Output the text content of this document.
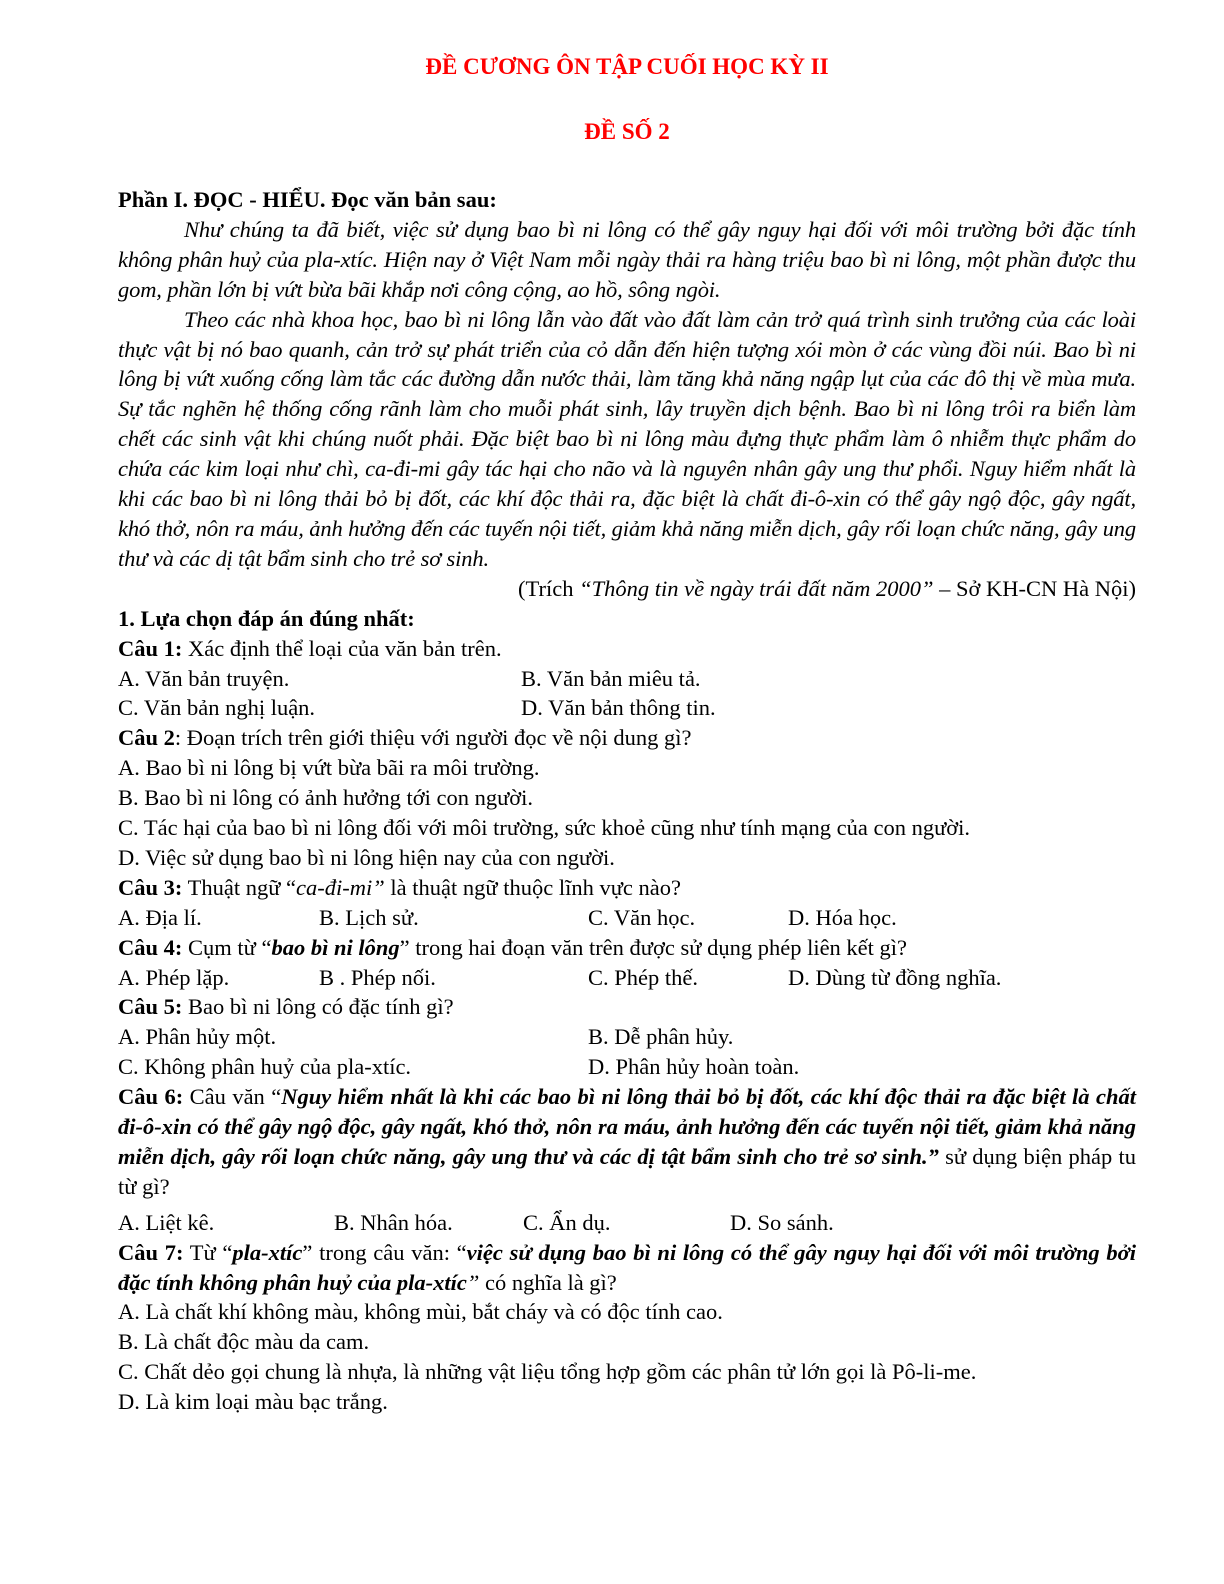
ĐỀ CƯƠNG ÔN TẬP CUỐI HỌC KỲ II

ĐỀ SỐ 2

Phần I. ĐỌC - HIỂU. Đọc văn bản sau:

Như chúng ta đã biết, việc sử dụng bao bì ni lông có thể gây nguy hại đối với môi trường bởi đặc tính không phân huỷ của pla-xtíc. Hiện nay ở Việt Nam mỗi ngày thải ra hàng triệu bao bì ni lông, một phần được thu gom, phần lớn bị vứt bừa bãi khắp nơi công cộng, ao hồ, sông ngòi.

Theo các nhà khoa học, bao bì ni lông lẫn vào đất vào đất làm cản trở quá trình sinh trưởng của các loài thực vật bị nó bao quanh, cản trở sự phát triển của cỏ dẫn đến hiện tượng xói mòn ở các vùng đồi núi. Bao bì ni lông bị vứt xuống cống làm tắc các đường dẫn nước thải, làm tăng khả năng ngập lụt của các đô thị về mùa mưa. Sự tắc nghẽn hệ thống cống rãnh làm cho muỗi phát sinh, lây truyền dịch bệnh. Bao bì ni lông trôi ra biển làm chết các sinh vật khi chúng nuốt phải. Đặc biệt bao bì ni lông màu đựng thực phẩm làm ô nhiễm thực phẩm do chứa các kim loại như chì, ca-đi-mi gây tác hại cho não và là nguyên nhân gây ung thư phổi. Nguy hiểm nhất là khi các bao bì ni lông thải bỏ bị đốt, các khí độc thải ra, đặc biệt là chất đi-ô-xin có thể gây ngộ độc, gây ngất, khó thở, nôn ra máu, ảnh hưởng đến các tuyến nội tiết, giảm khả năng miễn dịch, gây rối loạn chức năng, gây ung thư và các dị tật bẩm sinh cho trẻ sơ sinh.

(Trích “Thông tin về ngày trái đất năm 2000” – Sở KH-CN Hà Nội)
1. Lựa chọn đáp án đúng nhất:

Câu 1: Xác định thể loại của văn bản trên.

A. Văn bản truyện.	B. Văn bản miêu tả.
C. Văn bản nghị luận.	D. Văn bản thông tin.

Câu 2: Đoạn trích trên giới thiệu với người đọc về nội dung gì?

A. Bao bì ni lông bị vứt bừa bãi ra môi trường.

B. Bao bì ni lông có ảnh hưởng tới con người.

C. Tác hại của bao bì ni lông đối với môi trường, sức khoẻ cũng như tính mạng của con người.

D. Việc sử dụng bao bì ni lông hiện nay của con người.

Câu 3: Thuật ngữ “ca-đi-mi” là thuật ngữ thuộc lĩnh vực nào?

A. Địa lí.	B. Lịch sử.	C. Văn học.	D. Hóa học.

Câu 4: Cụm từ “bao bì ni lông” trong hai đoạn văn trên được sử dụng phép liên kết gì?

A. Phép lặp.	B . Phép nối.	C. Phép thế.	D. Dùng từ đồng nghĩa.

Câu 5: Bao bì ni lông có đặc tính gì?

A. Phân hủy một.	B. Dễ phân hủy.
C. Không phân huỷ của pla-xtíc.	D. Phân hủy hoàn toàn.

Câu 6: Câu văn “Nguy hiểm nhất là khi các bao bì ni lông thải bỏ bị đốt, các khí độc thải ra đặc biệt là chất đi-ô-xin có thể gây ngộ độc, gây ngất, khó thở, nôn ra máu, ảnh hưởng đến các tuyến nội tiết, giảm khả năng miễn dịch, gây rối loạn chức năng, gây ung thư và các dị tật bẩm sinh cho trẻ sơ sinh.” sử dụng biện pháp tu từ gì?

A. Liệt kê.	B. Nhân hóa.	C. Ẩn dụ.	D. So sánh.

Câu 7: Từ “pla-xtíc” trong câu văn: “việc sử dụng bao bì ni lông có thể gây nguy hại đối với môi trường bởi đặc tính không phân huỷ của pla-xtíc” có nghĩa là gì?

A. Là chất khí không màu, không mùi, bắt cháy và có độc tính cao.

B. Là chất độc màu da cam.

C. Chất dẻo gọi chung là nhựa, là những vật liệu tổng hợp gồm các phân tử lớn gọi là Pô-li-me.

D. Là kim loại màu bạc trắng.
